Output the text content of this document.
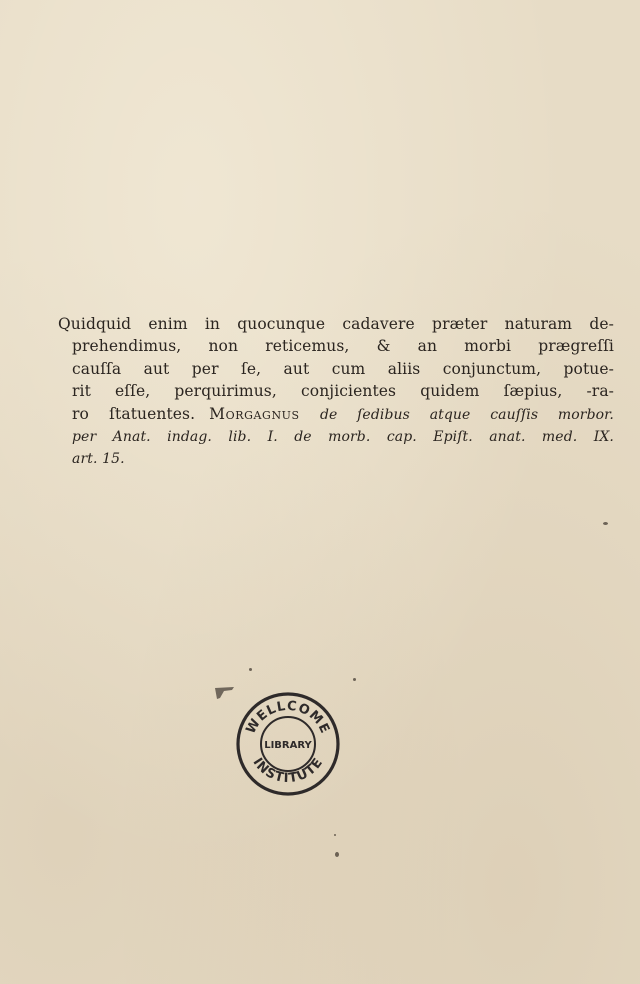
Quidquid enim in quocunque cadavere præter naturam de-
prehendimus, non reticemus, & an morbi prægreſſi
cauſſa aut per ſe, aut cum aliis conjunctum, potue-
rit eſſe, perquirimus, conjicientes quidem ſæpius, -ra-
ro ſtatuentes. Morgagnus de ſedibus atque cauſſis morbor.
per Anat. indag. lib. I. de morb. cap. Epiſt. anat. med. IX.
art. 15.
WELLCOME
LIBRARY
INSTITUTE
